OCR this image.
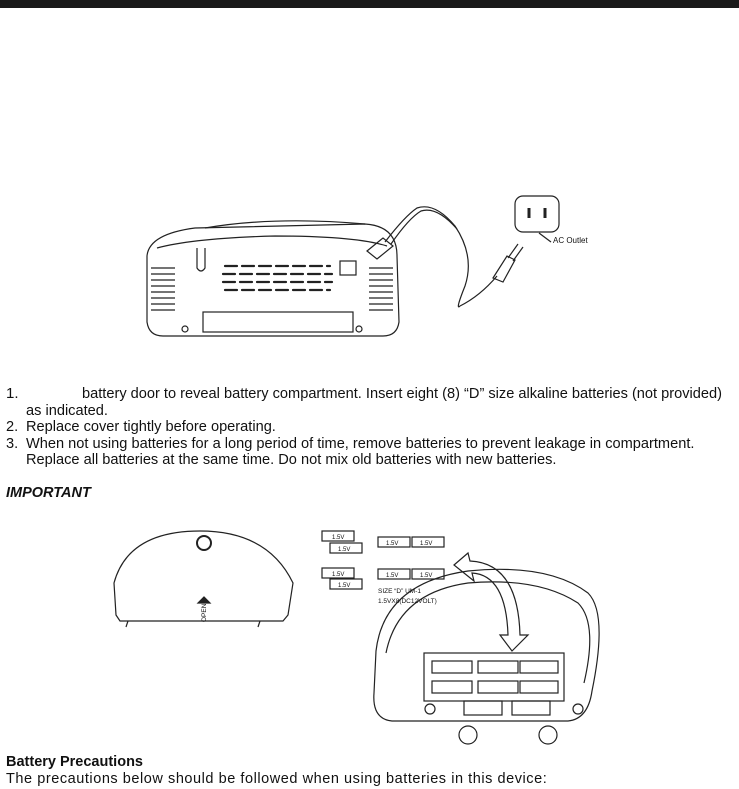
AC Outlet

1.	battery door to reveal battery compartment. Insert eight (8) “D” size alkaline batteries (not provided)
as indicated.

2. Replace cover tightly before operating.

3. When not using batteries for a long period of time, remove batteries to prevent leakage in compartment.
Replace all batteries at the same time. Do not mix old batteries with new batteries.

IMPORTANT
OPEN
1.5V
1.5V
1.5V	1.5V
1.5V
1.5V
1.5V	1.5V
SIZE “D” UM-1
1.5VX8(DC12VOLT)
Battery Precautions
The precautions below should be followed when using batteries in this device:
